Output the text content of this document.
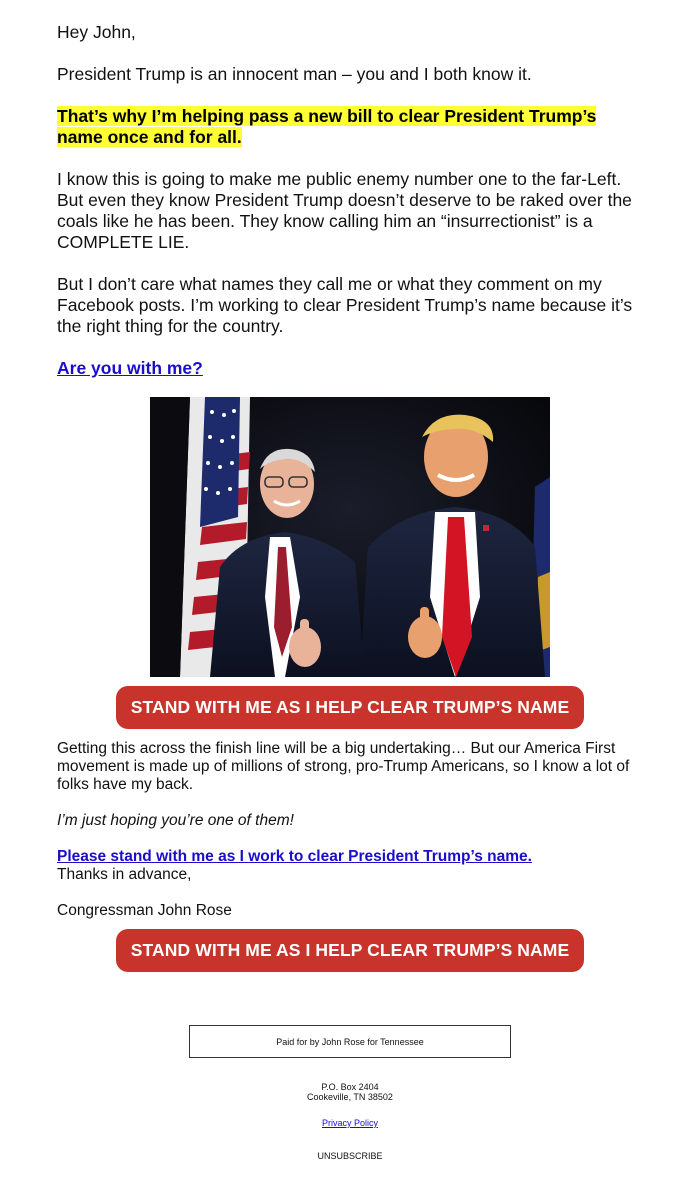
Hey John,

President Trump is an innocent man – you and I both know it.

That’s why I’m helping pass a new bill to clear President Trump’s name once and for all.

I know this is going to make me public enemy number one to the far-Left. But even they know President Trump doesn’t deserve to be raked over the coals like he has been. They know calling him an “insurrectionist” is a COMPLETE LIE.

But I don’t care what names they call me or what they comment on my Facebook posts. I’m working to clear President Trump’s name because it’s the right thing for the country.

Are you with me?

STAND WITH ME AS I HELP CLEAR TRUMP’S NAME

Getting this across the finish line will be a big undertaking… But our America First movement is made up of millions of strong, pro-Trump Americans, so I know a lot of folks have my back.

I’m just hoping you’re one of them!

Please stand with me as I work to clear President Trump’s name.

Thanks in advance,

Congressman John Rose

STAND WITH ME AS I HELP CLEAR TRUMP’S NAME
Paid for by John Rose for Tennessee
P.O. Box 2404
Cookeville, TN 38502
Privacy Policy
UNSUBSCRIBE
